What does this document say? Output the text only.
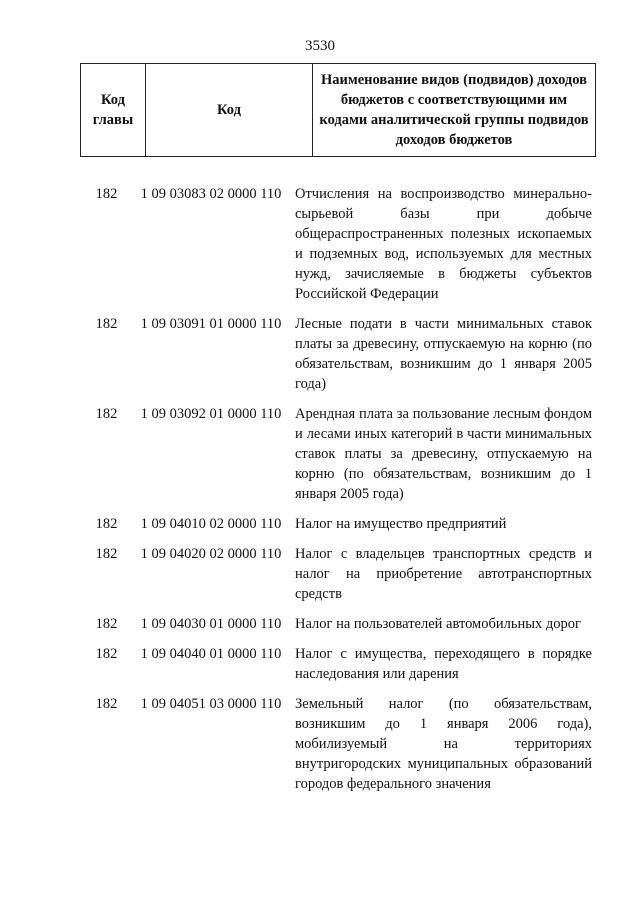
3530
Код главы	Код	Наименование видов (подвидов) доходов бюджетов с соответствующими им кодами аналитической группы подвидов доходов бюджетов
182	1 09 03083 02 0000 110 Отчисления на воспроизводство минерально-сырьевой базы при добыче общераспространенных полезных ископаемых и подземных вод, используемых для местных нужд, зачисляемые в бюджеты субъектов Российской Федерации
182	1 09 03091 01 0000 110 Лесные подати в части минимальных ставок платы за древесину, отпускаемую на корню (по обязательствам, возникшим до 1 января 2005 года)
182	1 09 03092 01 0000 110 Арендная плата за пользование лесным фондом и лесами иных категорий в части минимальных ставок платы за древесину, отпускаемую на корню (по обязательствам, возникшим до 1 января 2005 года)
182	1 09 04010 02 0000 110 Налог на имущество предприятий
182	1 09 04020 02 0000 110 Налог с владельцев транспортных средств и налог на приобретение автотранспортных средств
182	1 09 04030 01 0000 110 Налог на пользователей автомобильных дорог
182	1 09 04040 01 0000 110 Налог с имущества, переходящего в порядке наследования или дарения
182	1 09 04051 03 0000 110 Земельный налог (по обязательствам, возникшим до 1 января 2006 года), мобилизуемый на территориях внутригородских муниципальных образований городов федерального значения
